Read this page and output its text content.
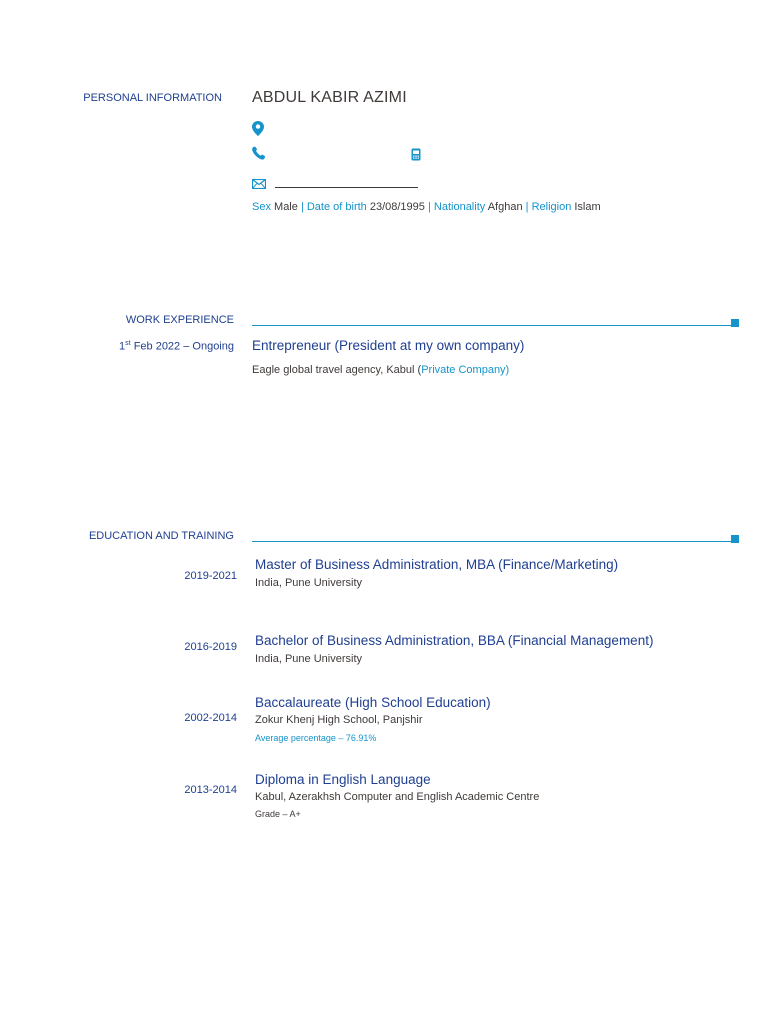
PERSONAL INFORMATION ABDUL KABIR AZIMI
Sex Male | Date of birth 23/08/1995 | Nationality Afghan | Religion Islam
WORK EXPERIENCE
1st Feb 2022 – Ongoing Entrepreneur (President at my own company)
Eagle global travel agency, Kabul (Private Company)
EDUCATION AND TRAINING
2019-2021
Master of Business Administration, MBA (Finance/Marketing)
India, Pune University
2016-2019 Bachelor of Business Administration, BBA (Financial Management)
India, Pune University
2002-2014
Baccalaureate (High School Education)
Zokur Khenj High School, Panjshir
Average percentage – 76.91%
2013-2014
Diploma in English Language
Kabul, Azerakhsh Computer and English Academic Centre
Grade – A+
